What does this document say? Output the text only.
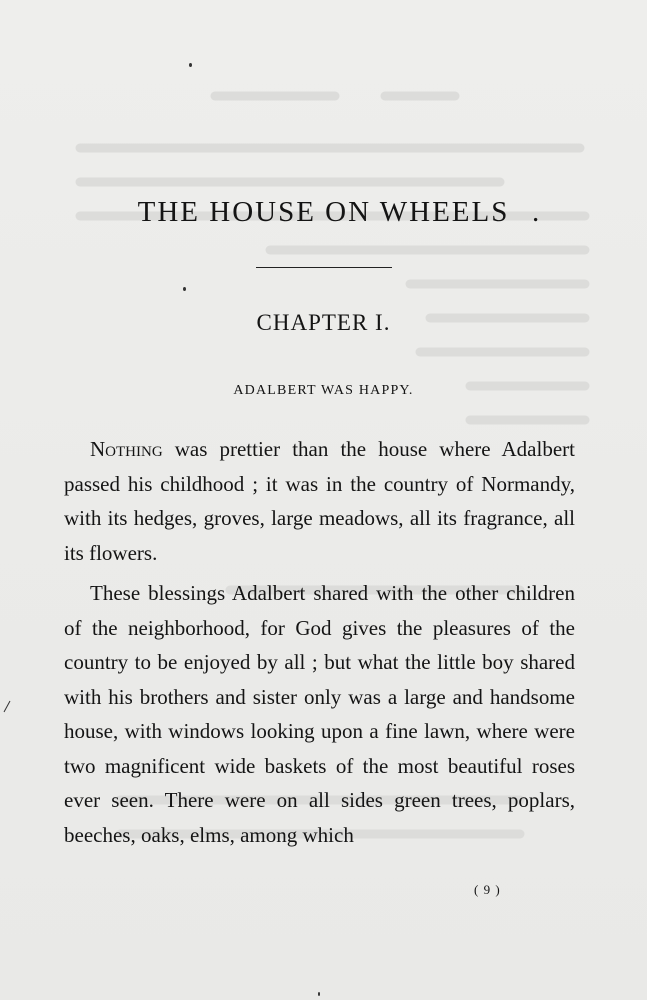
THE HOUSE ON WHEELS .
CHAPTER I.
ADALBERT WAS HAPPY.

Nothing was prettier than the house where Adalbert passed his childhood ; it was in the country of Normandy, with its hedges, groves, large meadows, all its fragrance, all its flowers.

These blessings Adalbert shared with the other children of the neighborhood, for God gives the pleasures of the country to be enjoyed by all ; but what the little boy shared with his brothers and sister only was a large and handsome house, with windows looking upon a fine lawn, where were two magnificent wide baskets of the most beautiful roses ever seen. There were on all sides green trees, poplars, beeches, oaks, elms, among which

( 9 )
